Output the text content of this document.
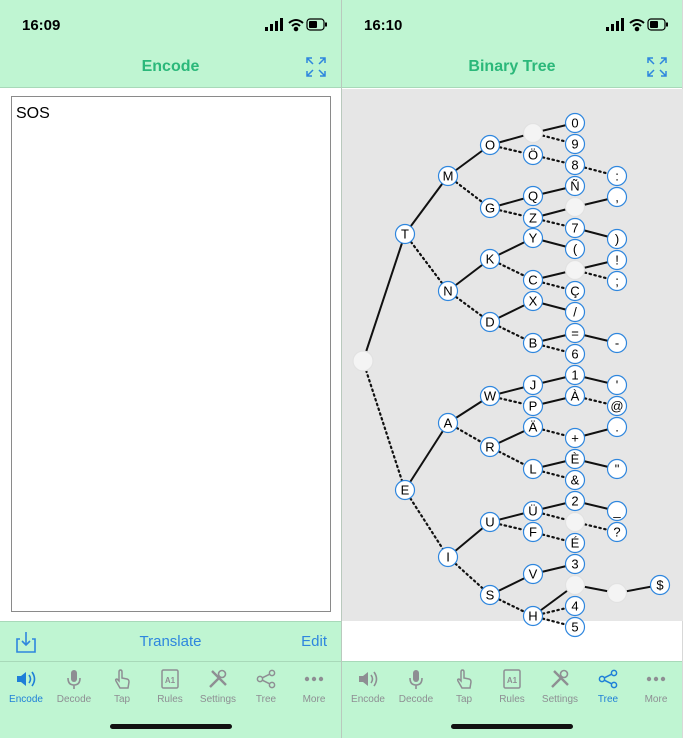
16:09
Encode
SOS
Translate	Edit
Encode	Decode	Tap
A1
Rules	Settings	Tree	More
16:10
Binary Tree
T
E
M
N
A
I
O
G
K
D
W
R
U
S
Ö
Q
Z
Y
C
X
B
J
P
Ä
L
Ü
F
V
H
0
9
8
Ñ
7
(
Ç
/
=
6
1
À
+
È
&
2
É
3
4
5
:
,
)
!
;
-
'
@
.
"
_
?
$
Encode	Decode	Tap
A1
Rules	Settings	Tree	More
